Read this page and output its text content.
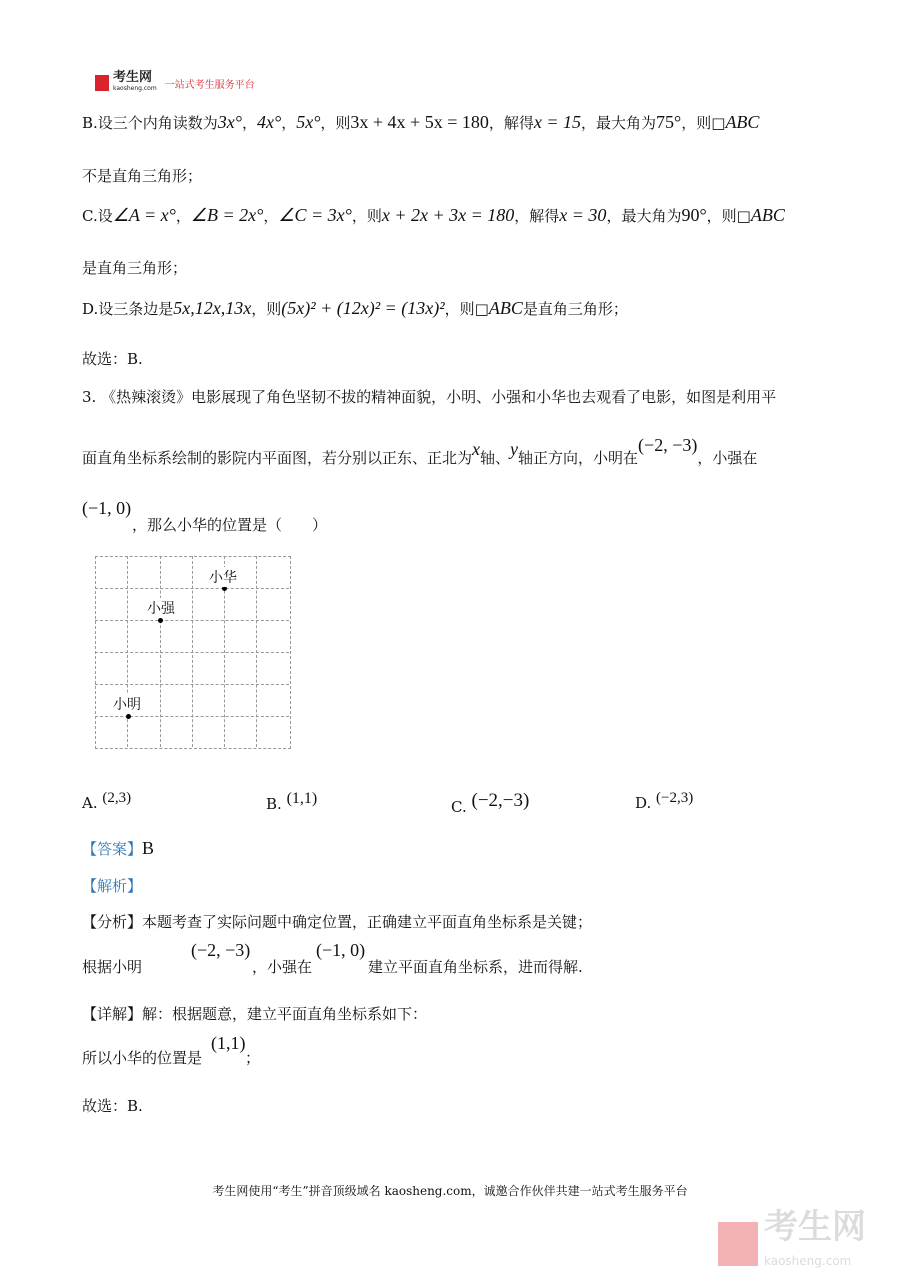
考生网
kaosheng.com 一站式考生服务平台
B.设三个内角读数为3x°，4x°，5x°，则3x + 4x + 5x = 180，解得x = 15，最大角为75°，则□ABC
不是直角三角形；
C.设∠A = x°，∠B = 2x°，∠C = 3x°，则x + 2x + 3x = 180，解得x = 30，最大角为90°，则□ABC
是直角三角形；
D.设三条边是5x,12x,13x，则(5x)² + (12x)² = (13x)²，则□ABC是直角三角形；
故选：B.
3. 《热辣滚烫》电影展现了角色坚韧不拔的精神面貌，小明、小强和小华也去观看了电影，如图是利用平
面直角坐标系绘制的影院内平面图，若分别以正东、正北为x轴、y轴正方向，小明在(−2, −3)，小强在
(−1, 0)
，那么小华的位置是（　　）
小华
小强
小明
A. (2,3)	B. (1,1)	C. (−2,−3)	D. (−2,3)
【答案】B
【解析】
【分析】本题考查了实际问题中确定位置，正确建立平面直角坐标系是关键；
根据小明
(−2, −3)
，小强在
(−1, 0)
建立平面直角坐标系，进而得解.
【详解】解：根据题意，建立平面直角坐标系如下：
所以小华的位置是
(1,1)
；
故选：B.
考生网使用“考生”拼音顶级域名 kaosheng.com，诚邀合作伙伴共建一站式考生服务平台
考生网
kaosheng.com
